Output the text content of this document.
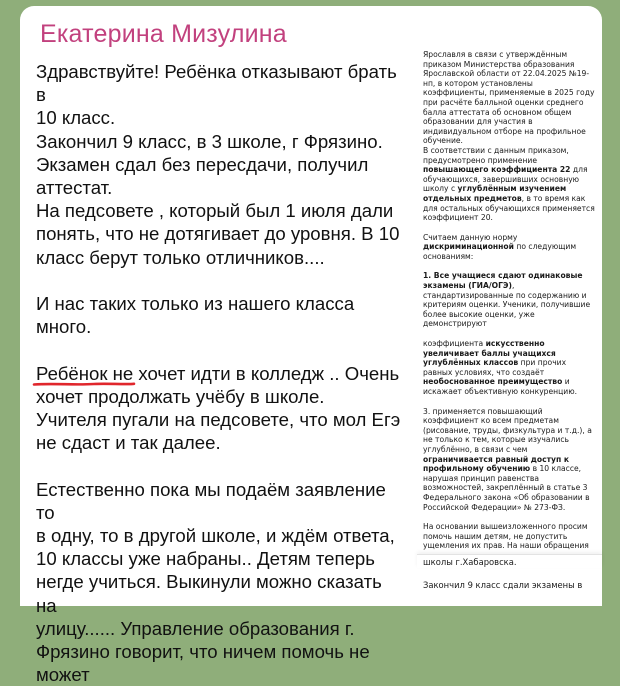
Екатерина Мизулина

Здравствуйте! Ребёнка отказывают брать в

10 класс.

Закончил 9 класс, в 3 школе, г Фрязино.

Экзамен сдал без пересдачи, получил

аттестат.

На педсовете , который был 1 июля дали

понять, что не дотягивает до уровня. В 10

класс берут только отличников....

И нас таких только из нашего класса много.

Ребёнок не хочет идти в колледж .. Очень

хочет продолжать учёбу в школе.

Учителя пугали на педсовете, что мол Егэ

не сдаст и так далее.

Естественно пока мы подаём заявление то

в одну, то в другой школе, и ждём ответа,

10 классы уже набраны.. Детям теперь

негде учиться. Выкинули можно сказать на

улицу...... Управление образования г.

Фрязино говорит, что ничем помочь не

может

Ярославля в связи с утверждённым приказом Министерства образования Ярославской области от 22.04.2025 №19-нп, в котором установлены коэффициенты, применяемые в 2025 году при расчёте балльной оценки среднего балла аттестата об основном общем образовании для участия в индивидуальном отборе на профильное обучение.

В соответствии с данным приказом, предусмотрено применение повышающего коэффициента 22 для обучающихся, завершивших основную школу с углублённым изучением отдельных предметов, в то время как для остальных обучающихся применяется коэффициент 20.

Считаем данную норму дискриминационной по следующим основаниям:

1. Все учащиеся сдают одинаковые экзамены (ГИА/ОГЭ), стандартизированные по содержанию и критериям оценки. Ученики, получившие более высокие оценки, уже демонстрируют

коэффициента искусственно увеличивает баллы учащихся углублённых классов при прочих равных условиях, что создаёт необоснованное преимущество и искажает объективную конкуренцию.

3. применяется повышающий коэффициент ко всем предметам (рисование, труды, физкультура и т.д.), а не только к тем, которые изучались углублённо, в связи с чем ограничивается равный доступ к профильному обучению в 10 классе, нарушая принцип равенства возможностей, закреплённый в статье 3 Федерального закона «Об образовании в Российской Федерации» № 273-ФЗ.

На основании вышеизложенного просим помочь нашим детям, не допустить ущемления их прав. На наши обращения

школы г.Хабаровска.
Закончил 9 класс сдали экзамены в
